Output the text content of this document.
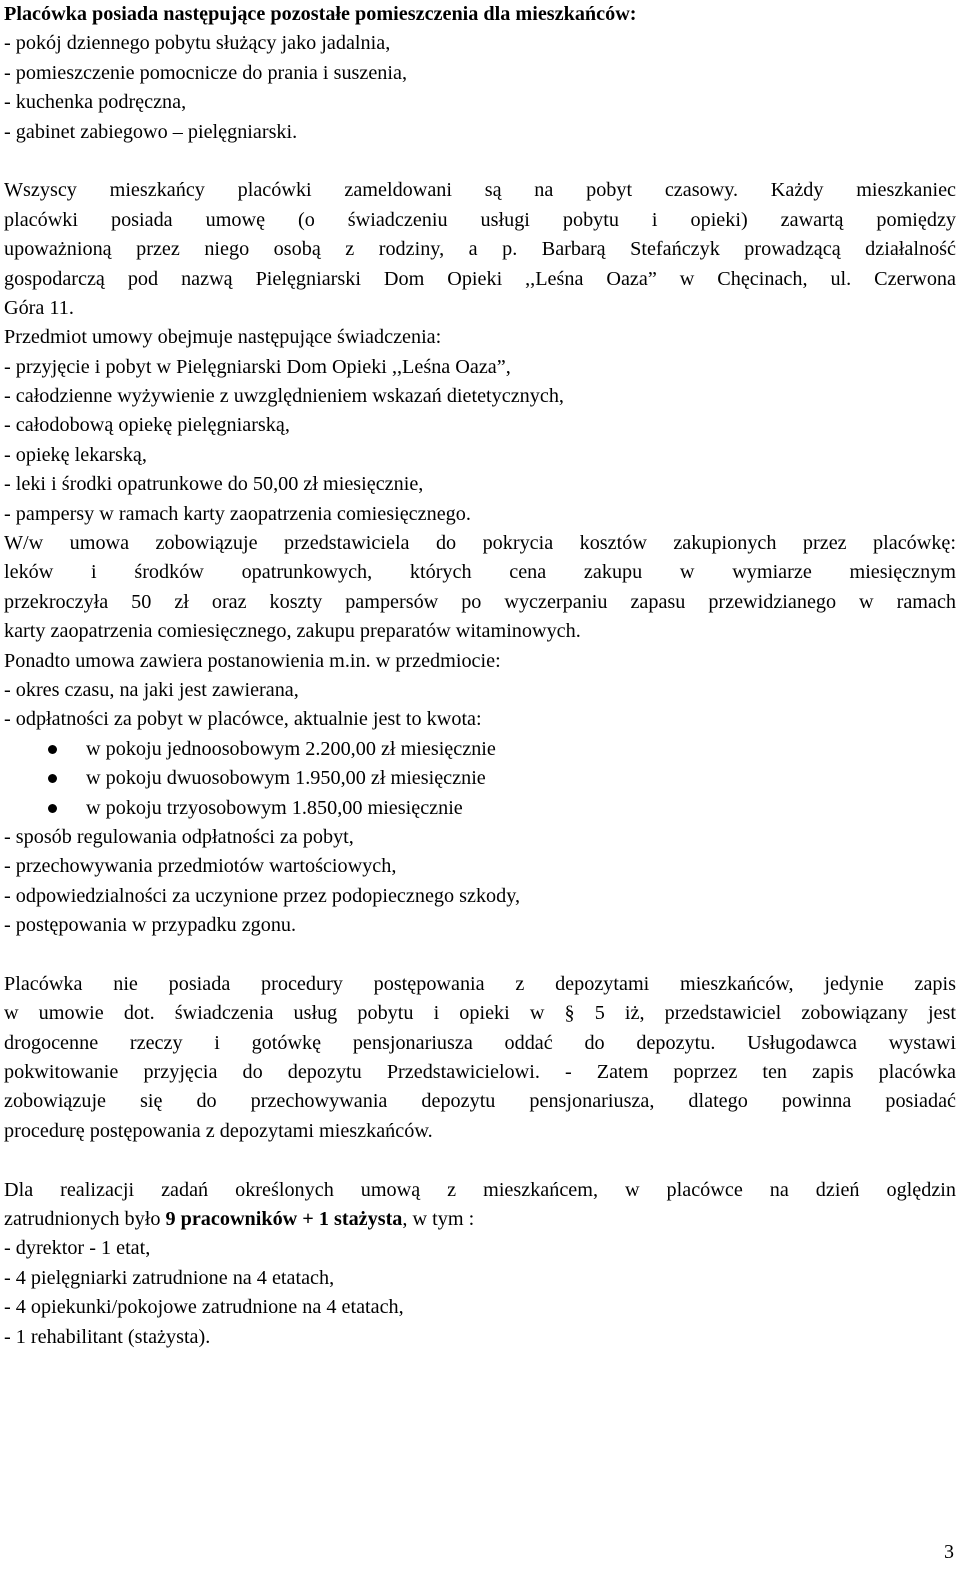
Placówka posiada następujące pozostałe pomieszczenia dla mieszkańców:
- pokój dziennego pobytu służący jako jadalnia,
- pomieszczenie pomocnicze do prania i suszenia,
- kuchenka podręczna,
- gabinet zabiegowo – pielęgniarski.
Wszyscy mieszkańcy placówki zameldowani są na pobyt czasowy. Każdy mieszkaniec
placówki posiada umowę (o świadczeniu usługi pobytu i opieki) zawartą pomiędzy
upoważnioną przez niego osobą z rodziny, a p. Barbarą Stefańczyk prowadzącą działalność
gospodarczą pod nazwą Pielęgniarski Dom Opieki ,,Leśna Oaza” w Chęcinach, ul. Czerwona
Góra 11.
Przedmiot umowy obejmuje następujące świadczenia:
- przyjęcie i pobyt w Pielęgniarski Dom Opieki ,,Leśna Oaza”,
- całodzienne wyżywienie z uwzględnieniem wskazań dietetycznych,
- całodobową opiekę pielęgniarską,
- opiekę lekarską,
- leki i środki opatrunkowe do 50,00 zł miesięcznie,
- pampersy w ramach karty zaopatrzenia comiesięcznego.
W/w umowa zobowiązuje przedstawiciela do pokrycia kosztów zakupionych przez placówkę:
leków i środków opatrunkowych, których cena zakupu w wymiarze miesięcznym
przekroczyła 50 zł oraz koszty pampersów po wyczerpaniu zapasu przewidzianego w ramach
karty zaopatrzenia comiesięcznego, zakupu preparatów witaminowych.
Ponadto umowa zawiera postanowienia m.in. w przedmiocie:
- okres czasu, na jaki jest zawierana,
- odpłatności za pobyt w placówce, aktualnie jest to kwota:
w pokoju jednoosobowym 2.200,00 zł miesięcznie
w pokoju dwuosobowym 1.950,00 zł miesięcznie
w pokoju trzyosobowym 1.850,00 miesięcznie
- sposób regulowania odpłatności za pobyt,
- przechowywania przedmiotów wartościowych,
- odpowiedzialności za uczynione przez podopiecznego szkody,
- postępowania w przypadku zgonu.
Placówka nie posiada procedury postępowania z depozytami mieszkańców, jedynie zapis
w umowie dot. świadczenia usług pobytu i opieki w § 5 iż, przedstawiciel zobowiązany jest
drogocenne rzeczy i gotówkę pensjonariusza oddać do depozytu. Usługodawca wystawi
pokwitowanie przyjęcia do depozytu Przedstawicielowi. - Zatem poprzez ten zapis placówka
zobowiązuje się do przechowywania depozytu pensjonariusza, dlatego powinna posiadać
procedurę postępowania z depozytami mieszkańców.
Dla realizacji zadań określonych umową z mieszkańcem, w placówce na dzień oględzin
zatrudnionych było 9 pracowników + 1 stażysta, w tym :
- dyrektor - 1 etat,
- 4 pielęgniarki zatrudnione na 4 etatach,
- 4 opiekunki/pokojowe zatrudnione na 4 etatach,
- 1 rehabilitant (stażysta).
3
